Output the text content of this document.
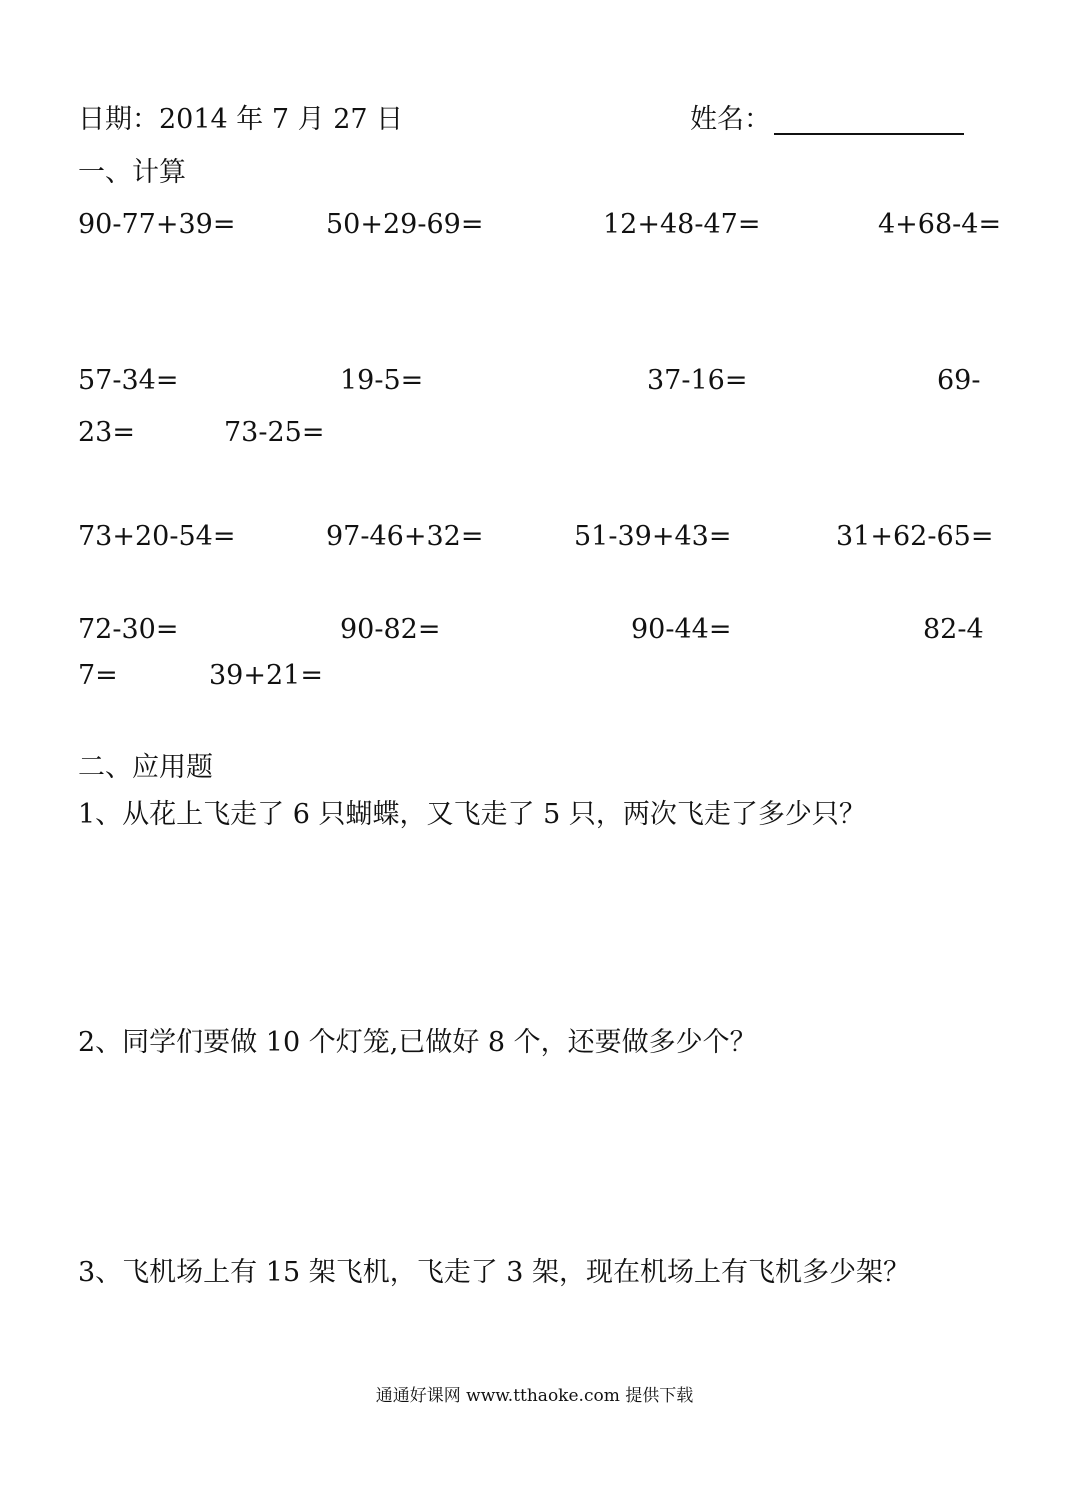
日期：2014 年 7 月 27 日	姓名：
一、计算
90-77+39=	50+29-69=	12+48-47=	4+68-4=
57-34=	19-5=	37-16=	69-
23=	73-25=
73+20-54=	97-46+32=	51-39+43=	31+62-65=
72-30=	90-82=	90-44=	82-4
7=	39+21=
二、应用题
1、从花上飞走了 6 只蝴蝶，又飞走了 5 只，两次飞走了多少只？
2、同学们要做 10 个灯笼,已做好 8 个，还要做多少个？
3、飞机场上有 15 架飞机，飞走了 3 架，现在机场上有飞机多少架？
通通好课网 www.tthaoke.com 提供下载
